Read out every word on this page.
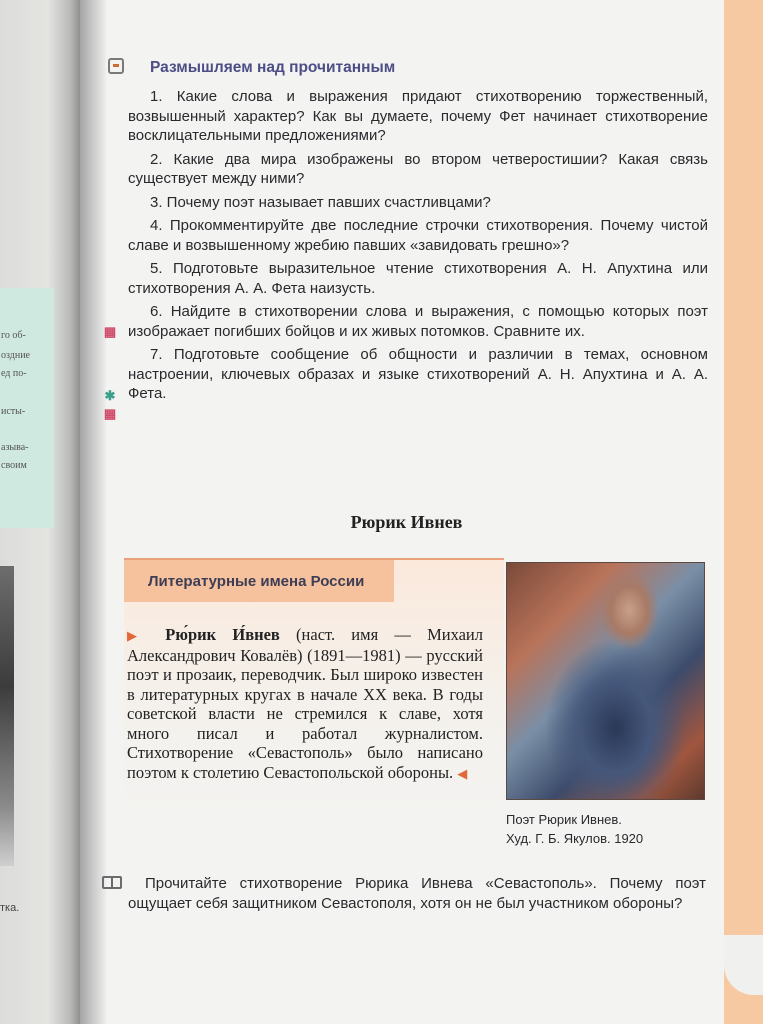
го об-
оздние
ед по-
исты-
азыва-
своим
тка.
Размышляем над прочитанным
▦
✱
▦

1. Какие слова и выражения придают стихотворению торжественный, возвышенный характер? Как вы думаете, почему Фет начинает стихотворение восклицательными предложениями?

2. Какие два мира изображены во втором четверостишии? Какая связь существует между ними?

3. Почему поэт называет павших счастливцами?

4. Прокомментируйте две последние строчки стихотворения. Почему чистой славе и возвышенному жребию павших «завидовать грешно»?

5. Подготовьте выразительное чтение стихотворения А. Н. Апухтина или стихотворения А. А. Фета наизусть.

6. Найдите в стихотворении слова и выражения, с помощью которых поэт изображает погибших бойцов и их живых потомков. Сравните их.

7. Подготовьте сообщение об общности и различии в темах, основном настроении, ключевых образах и языке стихотворений А. Н. Апухтина и А. А. Фета.

Рюрик Ивнев
Литературные имена России
▶ Рю́рик И́внев (наст. имя — Михаил Александрович Ковалёв) (1891—1981) — русский поэт и прозаик, переводчик. Был широко известен в литературных кругах в начале XX века. В годы советской власти не стремился к славе, хотя много писал и работал журналистом. Стихотворение «Севастополь» было написано поэтом к столетию Севастопольской обороны. ◀
Поэт Рюрик Ивнев.
Худ. Г. Б. Якулов. 1920
Прочитайте стихотворение Рюрика Ивнева «Севастополь». Почему поэт ощущает себя защитником Севастополя, хотя он не был участником обороны?
